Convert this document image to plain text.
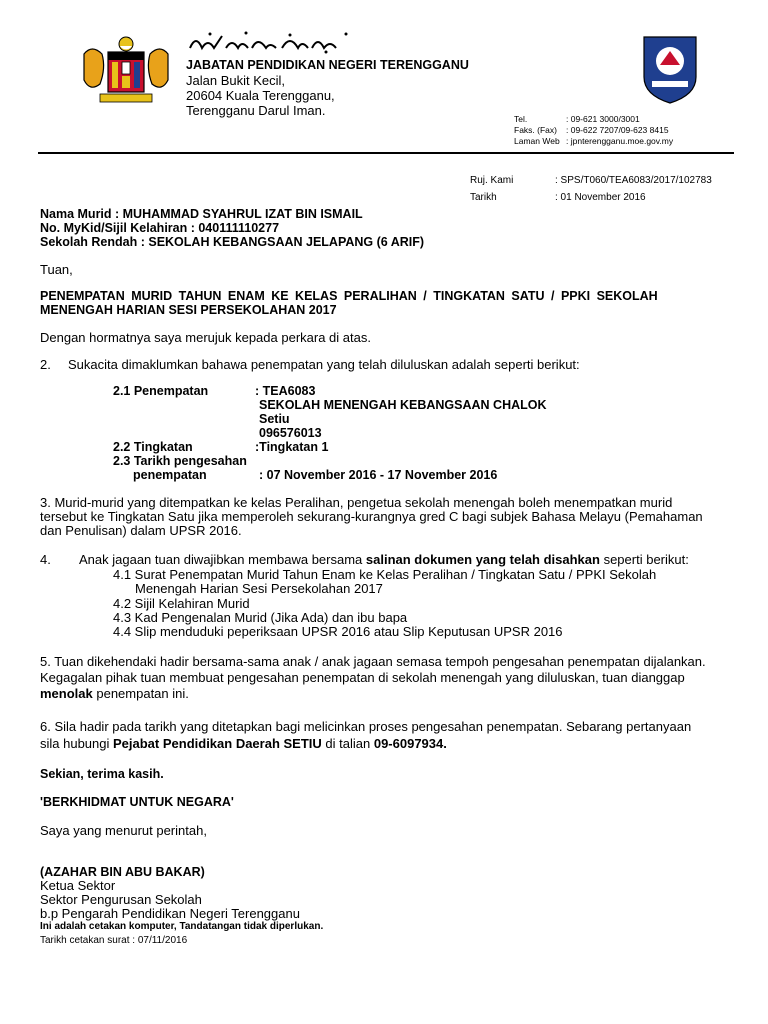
JABATAN PENDIDIKAN NEGERI TERENGGANU
Jalan Bukit Kecil,
20604 Kuala Terengganu,
Terengganu Darul Iman.
Tel.	: 09-621 3000/3001
Faks. (Fax) : 09-622 7207/09-623 8415
Laman Web : jpnterengganu.moe.gov.my
Ruj. Kami	: SPS/T060/TEA6083/2017/102783
Tarikh	: 01 November 2016
Nama Murid : MUHAMMAD SYAHRUL IZAT BIN ISMAIL
No. MyKid/Sijil Kelahiran : 040111110277
Sekolah Rendah : SEKOLAH KEBANGSAAN JELAPANG (6 ARIF)
Tuan,
PENEMPATAN MURID TAHUN ENAM KE KELAS PERALIHAN / TINGKATAN SATU / PPKI SEKOLAH
MENENGAH HARIAN SESI PERSEKOLAHAN 2017
Dengan hormatnya saya merujuk kepada perkara di atas.
2. Sukacita dimaklumkan bahawa penempatan yang telah diluluskan adalah seperti berikut:
2.1 Penempatan	: TEA6083
SEKOLAH MENENGAH KEBANGSAAN CHALOK
Setiu
096576013
2.2 Tingkatan	:Tingkatan 1
2.3 Tarikh pengesahan
penempatan	: 07 November 2016 - 17 November 2016
3. Murid-murid yang ditempatkan ke kelas Peralihan, pengetua sekolah menengah boleh menempatkan murid
tersebut ke Tingkatan Satu jika memperoleh sekurang-kurangnya gred C bagi subjek Bahasa Melayu (Pemahaman
dan Penulisan) dalam UPSR 2016.
4. Anak jagaan tuan diwajibkan membawa bersama salinan dokumen yang telah disahkan seperti berikut:
4.1 Surat Penempatan Murid Tahun Enam ke Kelas Peralihan / Tingkatan Satu / PPKI Sekolah
Menengah Harian Sesi Persekolahan 2017
4.2 Sijil Kelahiran Murid
4.3 Kad Pengenalan Murid (Jika Ada) dan ibu bapa
4.4 Slip menduduki peperiksaan UPSR 2016 atau Slip Keputusan UPSR 2016
5. Tuan dikehendaki hadir bersama-sama anak / anak jagaan semasa tempoh pengesahan penempatan dijalankan.
Kegagalan pihak tuan membuat pengesahan penempatan di sekolah menengah yang diluluskan, tuan dianggap
menolak penempatan ini.
6. Sila hadir pada tarikh yang ditetapkan bagi melicinkan proses pengesahan penempatan. Sebarang pertanyaan
sila hubungi Pejabat Pendidikan Daerah SETIU di talian 09-6097934.
Sekian, terima kasih.
'BERKHIDMAT UNTUK NEGARA'
Saya yang menurut perintah,
(AZAHAR BIN ABU BAKAR)
Ketua Sektor
Sektor Pengurusan Sekolah
b.p Pengarah Pendidikan Negeri Terengganu
Ini adalah cetakan komputer, Tandatangan tidak diperlukan.
Tarikh cetakan surat : 07/11/2016
